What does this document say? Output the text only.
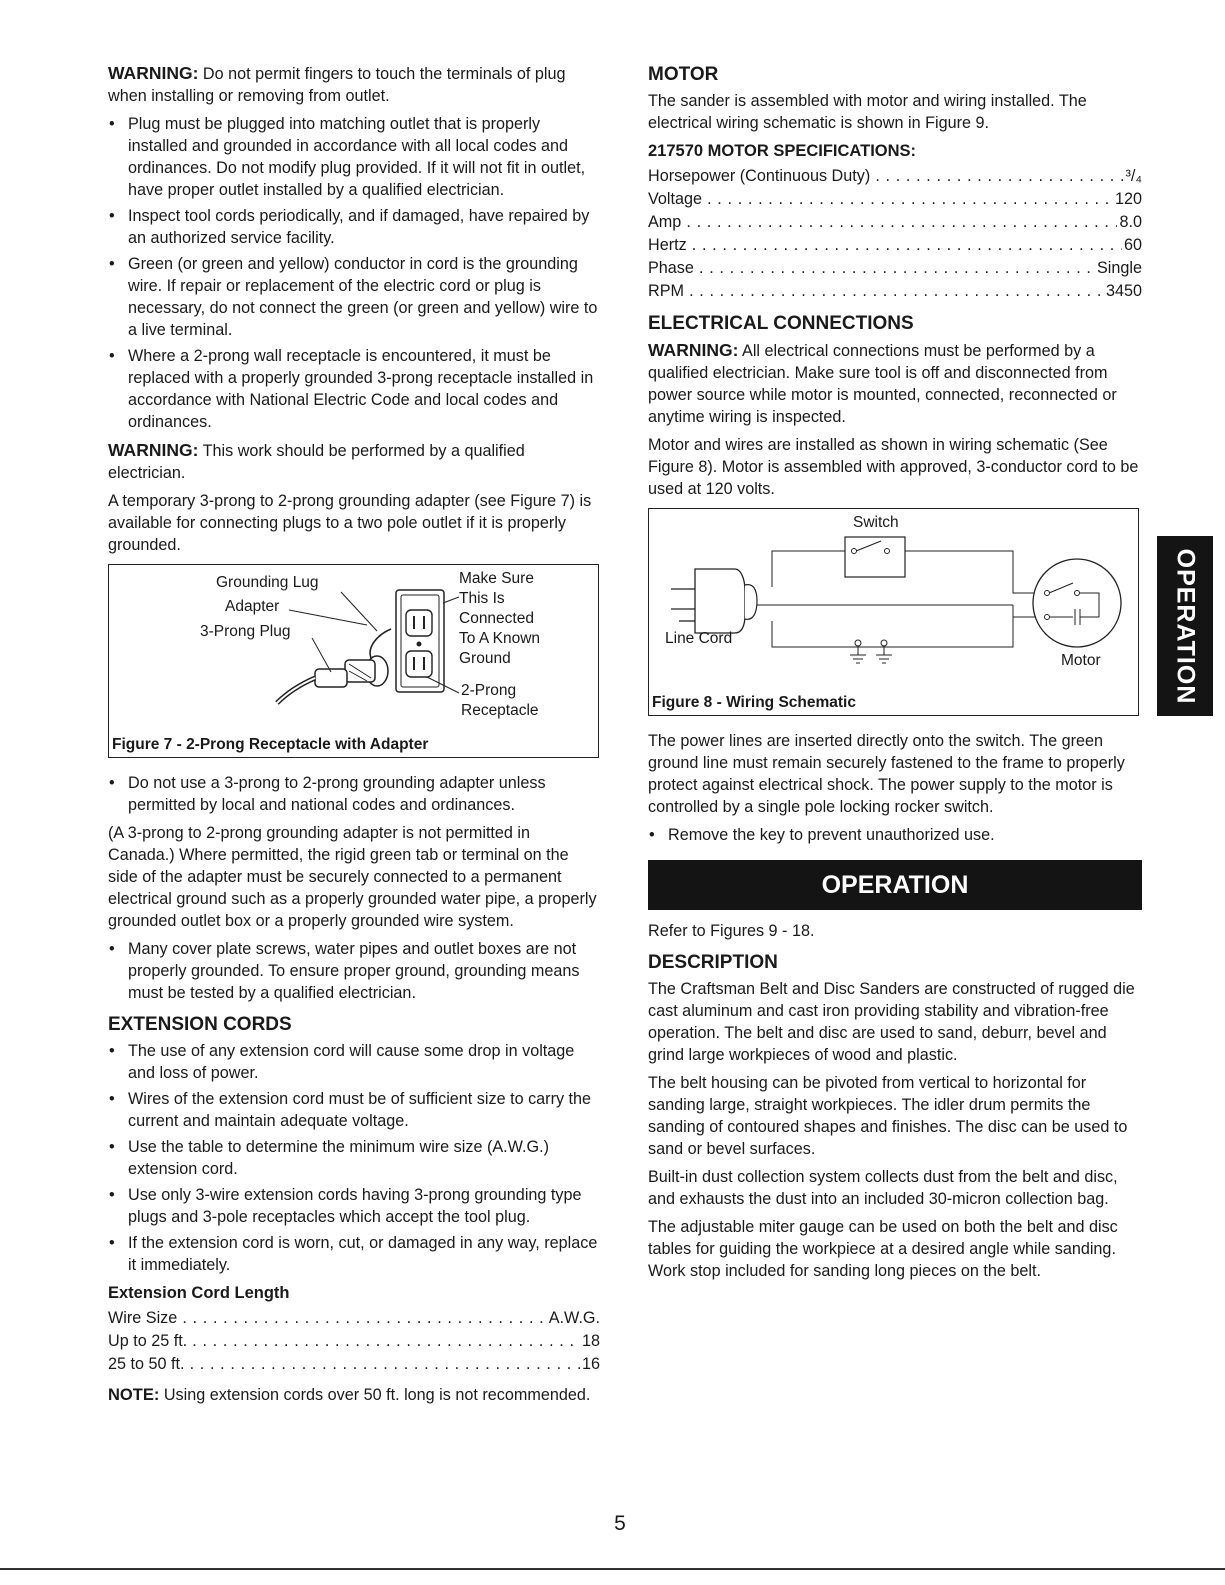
WARNING: Do not permit fingers to touch the terminals of plug when installing or removing from outlet.

• Plug must be plugged into matching outlet that is properly installed and grounded in accordance with all local codes and ordinances. Do not modify plug provided. If it will not fit in outlet, have proper outlet installed by a qualified electrician.
• Inspect tool cords periodically, and if damaged, have repaired by an authorized service facility.
• Green (or green and yellow) conductor in cord is the grounding wire. If repair or replacement of the electric cord or plug is necessary, do not connect the green (or green and yellow) wire to a live terminal.
• Where a 2-prong wall receptacle is encountered, it must be replaced with a properly grounded 3-prong receptacle installed in accordance with National Electric Code and local codes and ordinances.

WARNING: This work should be performed by a qualified electrician.

A temporary 3-prong to 2-prong grounding adapter (see Figure 7) is available for connecting plugs to a two pole outlet if it is properly grounded.

Grounding Lug
Adapter
3-Prong Plug
Make Sure
This Is
Connected
To A Known
Ground
2-Prong
Receptacle
Figure 7 - 2-Prong Receptacle with Adapter
• Do not use a 3-prong to 2-prong grounding adapter unless permitted by local and national codes and ordinances.

(A 3-prong to 2-prong grounding adapter is not permitted in Canada.) Where permitted, the rigid green tab or terminal on the side of the adapter must be securely connected to a permanent electrical ground such as a properly grounded water pipe, a properly grounded outlet box or a properly grounded wire system.

• Many cover plate screws, water pipes and outlet boxes are not properly grounded. To ensure proper ground, grounding means must be tested by a qualified electrician.
EXTENSION CORDS
• The use of any extension cord will cause some drop in voltage and loss of power.
• Wires of the extension cord must be of sufficient size to carry the current and maintain adequate voltage.
• Use the table to determine the minimum wire size (A.W.G.) extension cord.
• Use only 3-wire extension cords having 3-prong grounding type plugs and 3-pole receptacles which accept the tool plug.
• If the extension cord is worn, cut, or damaged in any way, replace it immediately.
Extension Cord Length
Wire Size . . .	A.W.G.
Up to 25 ft. . . .	18
25 to 50 ft. . . .	16

NOTE: Using extension cords over 50 ft. long is not recommended.

MOTOR

The sander is assembled with motor and wiring installed. The electrical wiring schematic is shown in Figure 9.

217570 MOTOR SPECIFICATIONS:
Horsepower (Continuous Duty) . . .	³/₄
Voltage . . .	120
Amp . . .	8.0
Hertz . . .	60
Phase . . .	Single
RPM . . .	3450
ELECTRICAL CONNECTIONS

WARNING: All electrical connections must be performed by a qualified electrician. Make sure tool is off and disconnected from power source while motor is mounted, connected, reconnected or anytime wiring is inspected.

Motor and wires are installed as shown in wiring schematic (See Figure 8). Motor is assembled with approved, 3-conductor cord to be used at 120 volts.

Switch
Line Cord
Motor
Figure 8 - Wiring Schematic

The power lines are inserted directly onto the switch. The green ground line must remain securely fastened to the frame to properly protect against electrical shock. The power supply to the motor is controlled by a single pole locking rocker switch.

• Remove the key to prevent unauthorized use.
OPERATION

Refer to Figures 9 - 18.

DESCRIPTION

The Craftsman Belt and Disc Sanders are constructed of rugged die cast aluminum and cast iron providing stability and vibration-free operation. The belt and disc are used to sand, deburr, bevel and grind large workpieces of wood and plastic.

The belt housing can be pivoted from vertical to horizontal for sanding large, straight workpieces. The idler drum permits the sanding of contoured shapes and finishes. The disc can be used to sand or bevel surfaces.

Built-in dust collection system collects dust from the belt and disc, and exhausts the dust into an included 30-micron collection bag.

The adjustable miter gauge can be used on both the belt and disc tables for guiding the workpiece at a desired angle while sanding. Work stop included for sanding long pieces on the belt.

OPERATION
5
